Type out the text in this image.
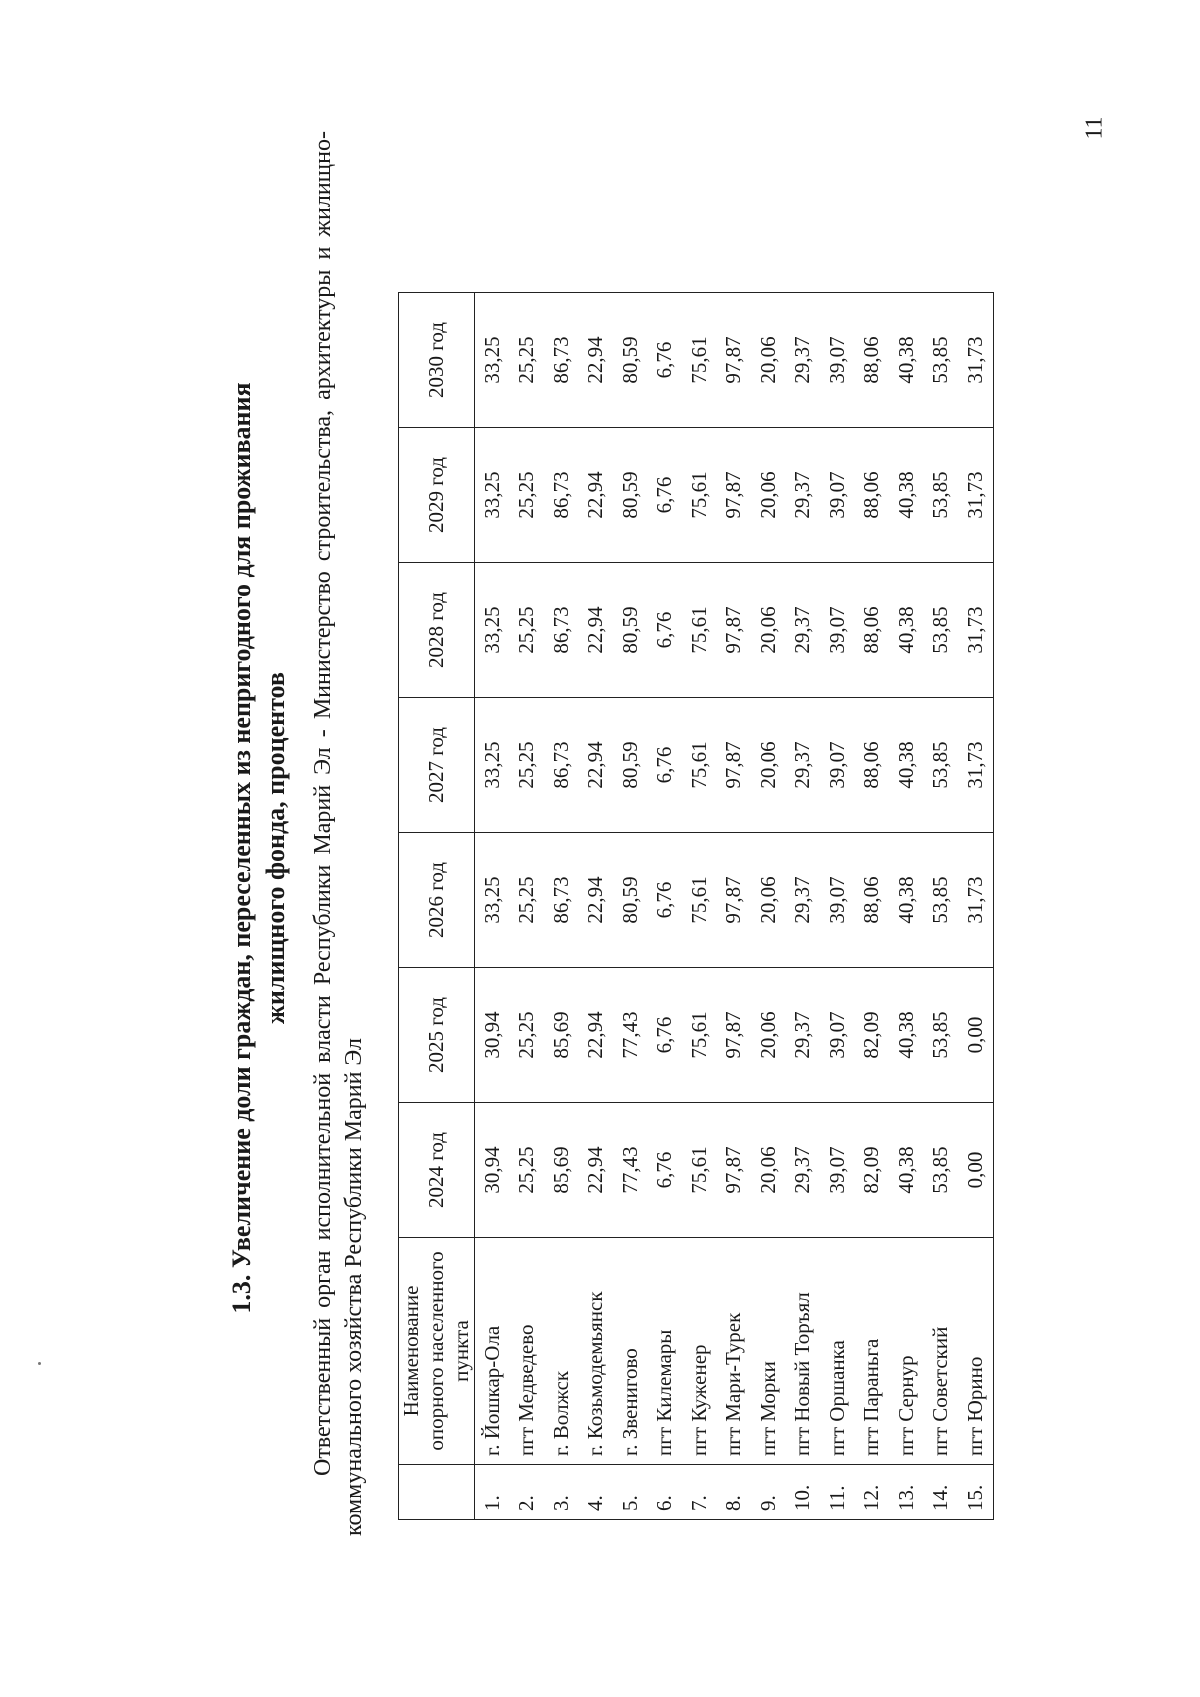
11
1.3. Увеличение доли граждан, переселенных из непригодного для проживания жилищного фонда, процентов Ответственный орган исполнительной власти Республики Марий Эл - Министерство строительства, архитектуры и жилищно-коммунального хозяйства Республики Марий Эл
	Наименование опорного населенного пункта	2024 год	2025 год	2026 год	2027 год	2028 год	2029 год	2030 год
1.	г. Йошкар-Ола	30,94	30,94	33,25	33,25	33,25	33,25	33,25
2.	пгт Медведево	25,25	25,25	25,25	25,25	25,25	25,25	25,25
3.	г. Волжск	85,69	85,69	86,73	86,73	86,73	86,73	86,73
4.	г. Козьмодемьянск	22,94	22,94	22,94	22,94	22,94	22,94	22,94
5.	г. Звенигово	77,43	77,43	80,59	80,59	80,59	80,59	80,59
6.	пгт Килемары	6,76	6,76	6,76	6,76	6,76	6,76	6,76
7.	пгт Куженер	75,61	75,61	75,61	75,61	75,61	75,61	75,61
8.	пгт Мари-Турек	97,87	97,87	97,87	97,87	97,87	97,87	97,87
9.	пгт Морки	20,06	20,06	20,06	20,06	20,06	20,06	20,06
10.	пгт Новый Торъял	29,37	29,37	29,37	29,37	29,37	29,37	29,37
11.	пгт Оршанка	39,07	39,07	39,07	39,07	39,07	39,07	39,07
12.	пгт Параньга	82,09	82,09	88,06	88,06	88,06	88,06	88,06
13.	пгт Сернур	40,38	40,38	40,38	40,38	40,38	40,38	40,38
14.	пгт Советский	53,85	53,85	53,85	53,85	53,85	53,85	53,85
15.	пгт Юрино	0,00	0,00	31,73	31,73	31,73	31,73	31,73
